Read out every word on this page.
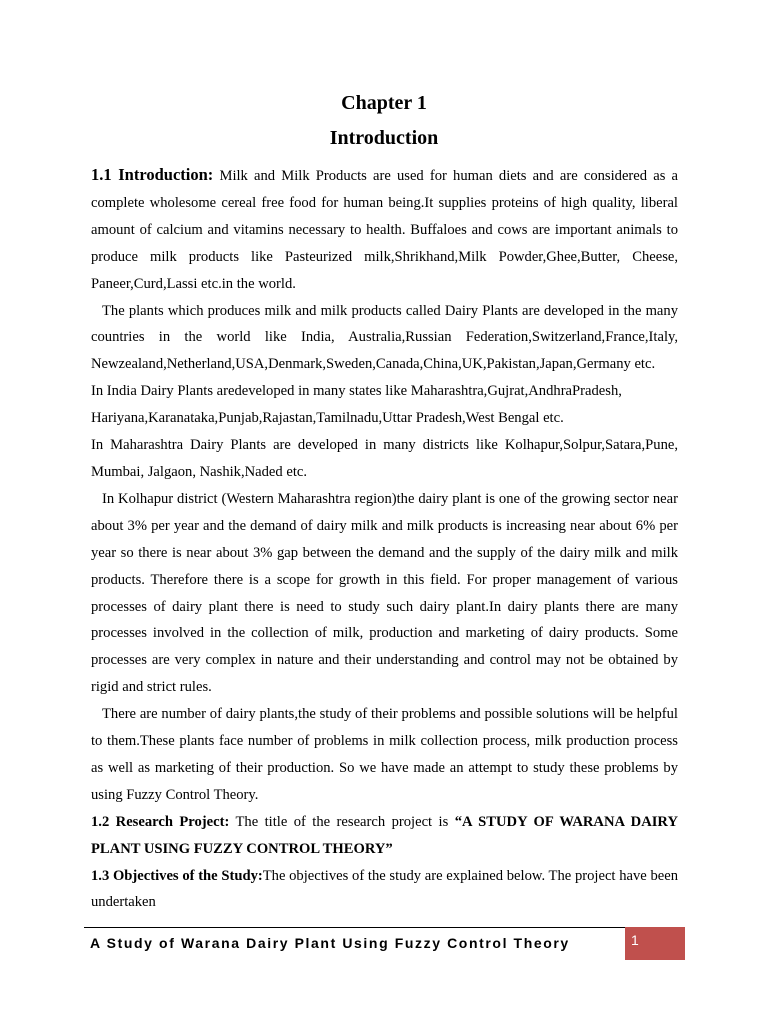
Chapter 1
Introduction

1.1 Introduction: Milk and Milk Products are used for human diets and are considered as a complete wholesome cereal free food for human being.It supplies proteins of high quality, liberal amount of calcium and vitamins necessary to health. Buffaloes and cows are important animals to produce milk products like Pasteurized milk,Shrikhand,Milk Powder,Ghee,Butter, Cheese, Paneer,Curd,Lassi etc.in the world.

The plants which produces milk and milk products called Dairy Plants are developed in the many countries in the world like India, Australia,Russian Federation,Switzerland,France,Italy, Newzealand,Netherland,USA,Denmark,Sweden,Canada,China,UK,Pakistan,Japan,Germany etc.

In India Dairy Plants aredeveloped in many states like Maharashtra,Gujrat,AndhraPradesh,

Hariyana,Karanataka,Punjab,Rajastan,Tamilnadu,Uttar Pradesh,West Bengal etc.

In Maharashtra Dairy Plants are developed in many districts like Kolhapur,Solpur,Satara,Pune, Mumbai, Jalgaon, Nashik,Naded etc.

In Kolhapur district (Western Maharashtra region)the dairy plant is one of the growing sector near about 3% per year and the demand of dairy milk and milk products is increasing near about 6% per year so there is near about 3% gap between the demand and the supply of the dairy milk and milk products. Therefore there is a scope for growth in this field. For proper management of various processes of dairy plant there is need to study such dairy plant.In dairy plants there are many processes involved in the collection of milk, production and marketing of dairy products. Some processes are very complex in nature and their understanding and control may not be obtained by rigid and strict rules.

There are number of dairy plants,the study of their problems and possible solutions will be helpful to them.These plants face number of problems in milk collection process, milk production process as well as marketing of their production. So we have made an attempt to study these problems by using Fuzzy Control Theory.

1.2 Research Project: The title of the research project is “A STUDY OF WARANA DAIRY PLANT USING FUZZY CONTROL THEORY”

1.3 Objectives of the Study:The objectives of the study are explained below. The project have been undertaken

A Study of Warana Dairy Plant Using Fuzzy Control Theory	1
